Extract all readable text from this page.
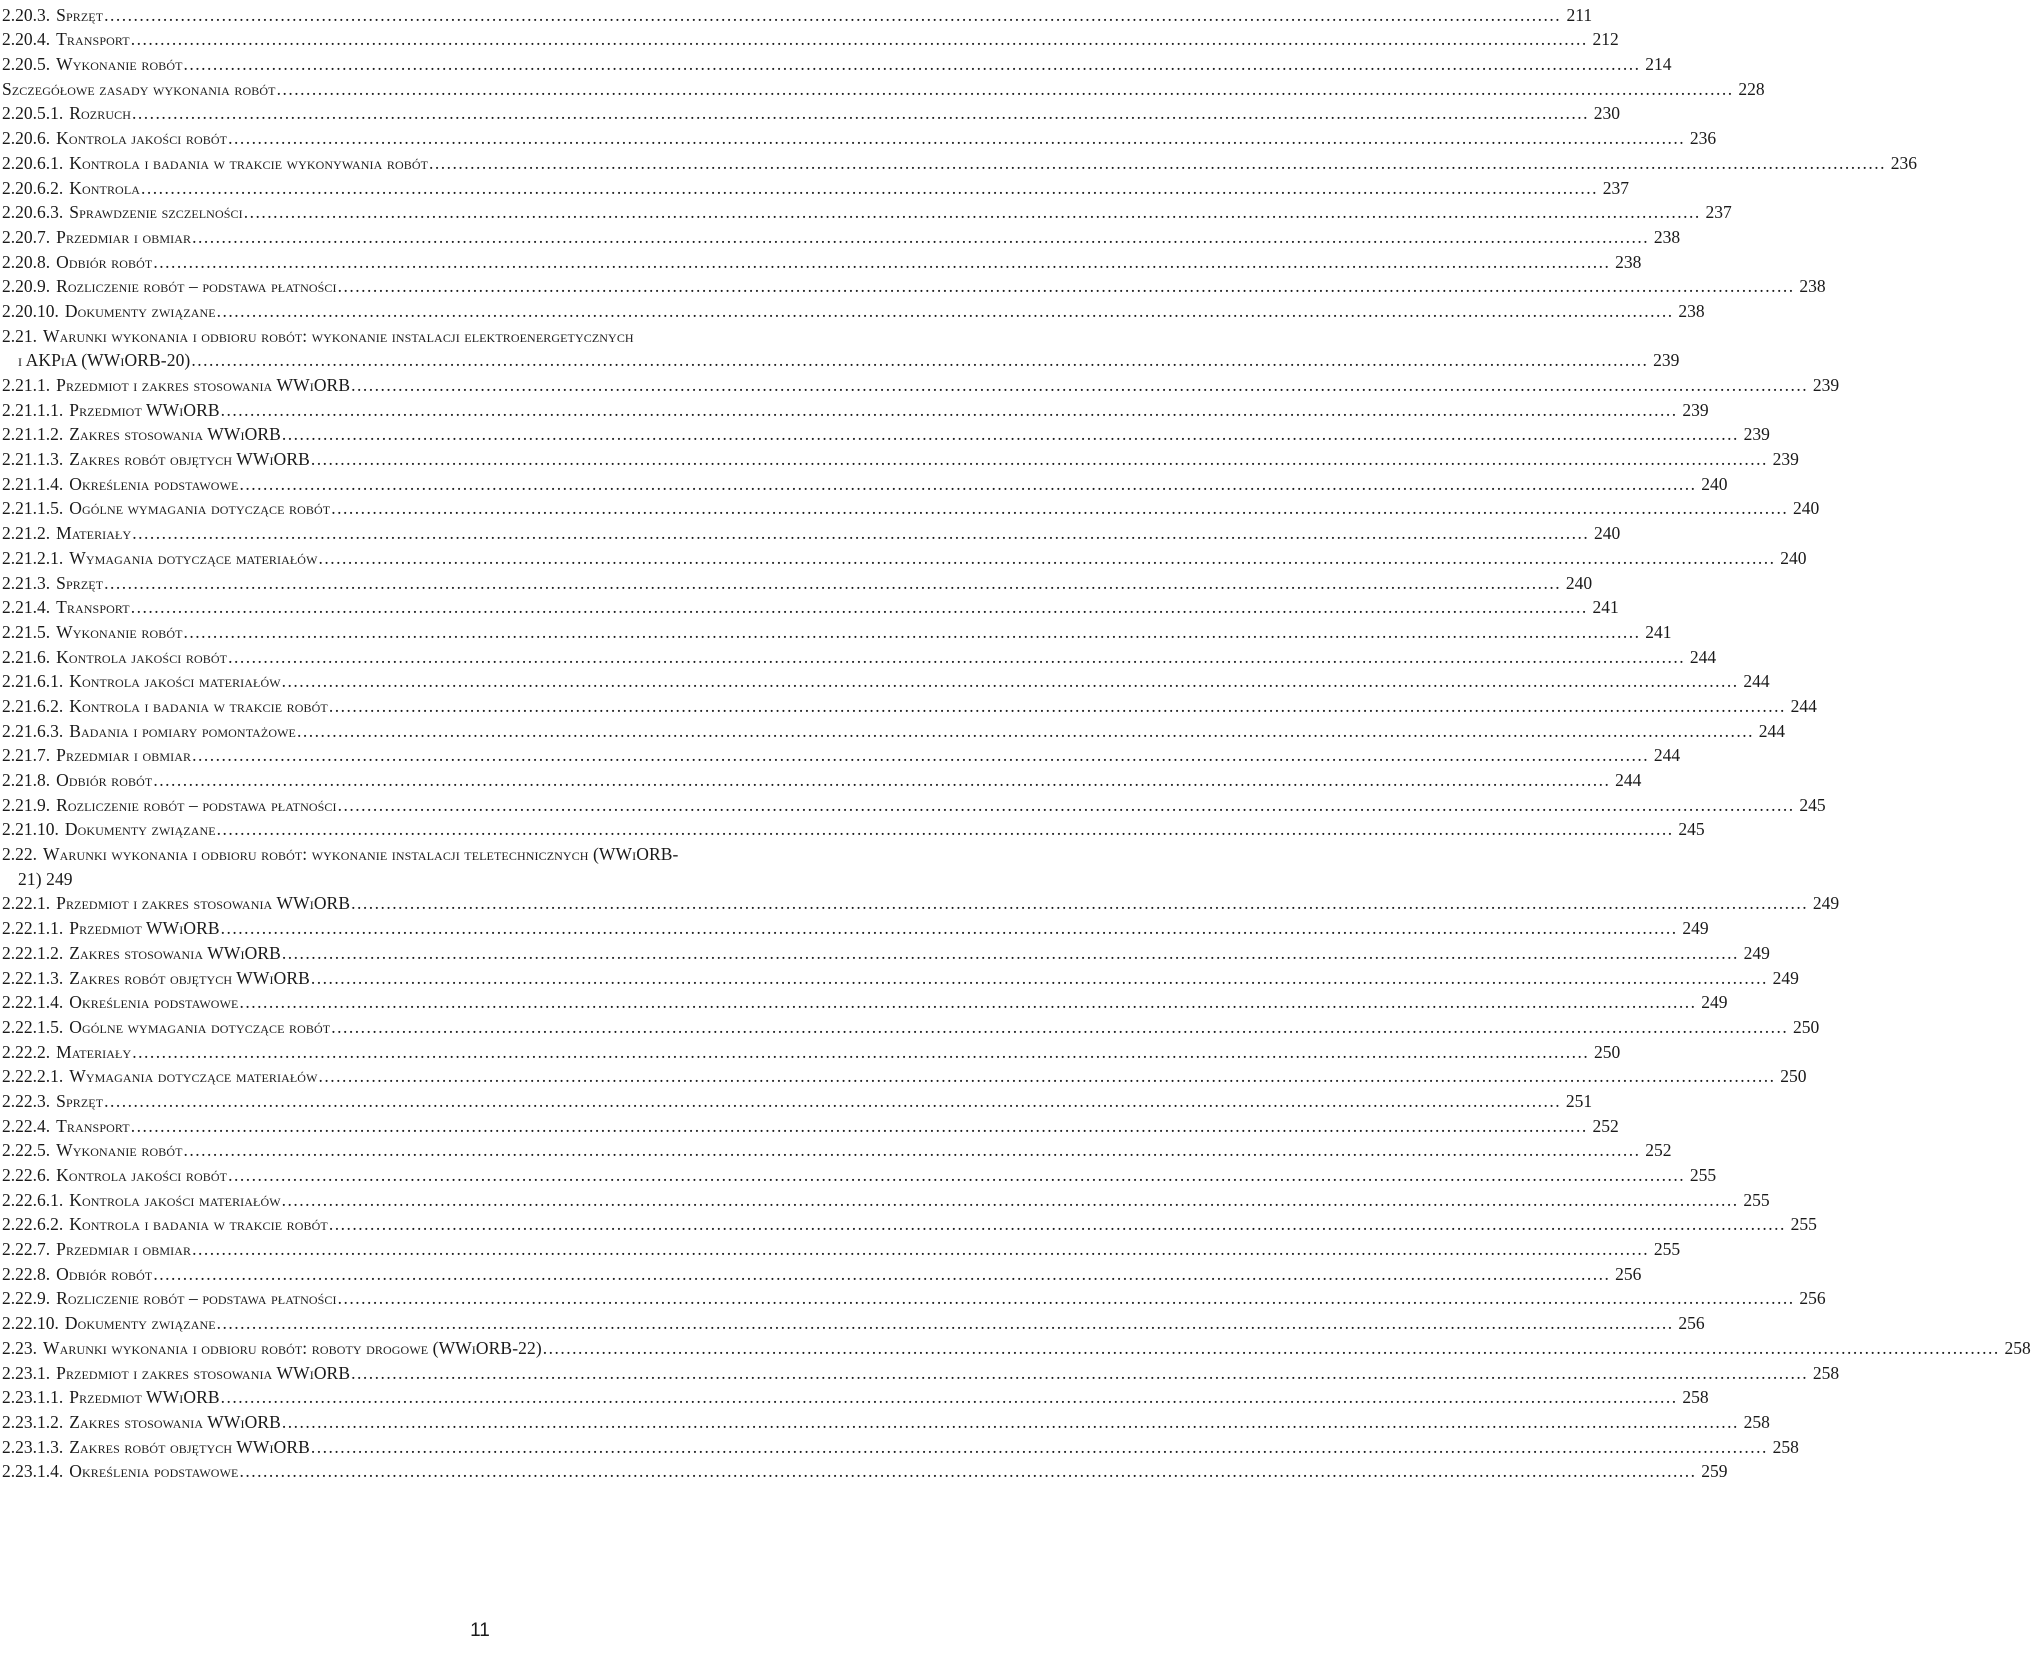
2.20.3. Sprzęt ........................................................................................................................................................................................................................................................ 211
2.20.4. Transport ........................................................................................................................................................................................................................................................ 212
2.20.5. Wykonanie robót ........................................................................................................................................................................................................................................................ 214
Szczegółowe zasady wykonania robót ........................................................................................................................................................................................................................................................ 228
2.20.5.1. Rozruch ........................................................................................................................................................................................................................................................ 230
2.20.6. Kontrola jakości robót ........................................................................................................................................................................................................................................................ 236
2.20.6.1. Kontrola i badania w trakcie wykonywania robót ........................................................................................................................................................................................................................................................ 236
2.20.6.2. Kontrola ........................................................................................................................................................................................................................................................ 237
2.20.6.3. Sprawdzenie szczelności ........................................................................................................................................................................................................................................................ 237
2.20.7. Przedmiar i obmiar ........................................................................................................................................................................................................................................................ 238
2.20.8. Odbiór robót ........................................................................................................................................................................................................................................................ 238
2.20.9. Rozliczenie robót – podstawa płatności ........................................................................................................................................................................................................................................................ 238
2.20.10. Dokumenty związane ........................................................................................................................................................................................................................................................ 238
2.21. Warunki wykonania i odbioru robót: wykonanie instalacji elektroenergetycznych
i AKPiA (WWiORB-20) ........................................................................................................................................................................................................................................................ 239
2.21.1. Przedmiot i zakres stosowania WWiORB ........................................................................................................................................................................................................................................................ 239
2.21.1.1. Przedmiot WWiORB ........................................................................................................................................................................................................................................................ 239
2.21.1.2. Zakres stosowania WWiORB ........................................................................................................................................................................................................................................................ 239
2.21.1.3. Zakres robót objętych WWiORB ........................................................................................................................................................................................................................................................ 239
2.21.1.4. Określenia podstawowe ........................................................................................................................................................................................................................................................ 240
2.21.1.5. Ogólne wymagania dotyczące robót ........................................................................................................................................................................................................................................................ 240
2.21.2. Materiały ........................................................................................................................................................................................................................................................ 240
2.21.2.1. Wymagania dotyczące materiałów ........................................................................................................................................................................................................................................................ 240
2.21.3. Sprzęt ........................................................................................................................................................................................................................................................ 240
2.21.4. Transport ........................................................................................................................................................................................................................................................ 241
2.21.5. Wykonanie robót ........................................................................................................................................................................................................................................................ 241
2.21.6. Kontrola jakości robót ........................................................................................................................................................................................................................................................ 244
2.21.6.1. Kontrola jakości materiałów ........................................................................................................................................................................................................................................................ 244
2.21.6.2. Kontrola i badania w trakcie robót ........................................................................................................................................................................................................................................................ 244
2.21.6.3. Badania i pomiary pomontażowe ........................................................................................................................................................................................................................................................ 244
2.21.7. Przedmiar i obmiar ........................................................................................................................................................................................................................................................ 244
2.21.8. Odbiór robót ........................................................................................................................................................................................................................................................ 244
2.21.9. Rozliczenie robót – podstawa płatności ........................................................................................................................................................................................................................................................ 245
2.21.10. Dokumenty związane ........................................................................................................................................................................................................................................................ 245
2.22. Warunki wykonania i odbioru robót: wykonanie instalacji teletechnicznych (WWiORB-
21) 249
2.22.1. Przedmiot i zakres stosowania WWiORB ........................................................................................................................................................................................................................................................ 249
2.22.1.1. Przedmiot WWiORB ........................................................................................................................................................................................................................................................ 249
2.22.1.2. Zakres stosowania WWiORB ........................................................................................................................................................................................................................................................ 249
2.22.1.3. Zakres robót objętych WWiORB ........................................................................................................................................................................................................................................................ 249
2.22.1.4. Określenia podstawowe ........................................................................................................................................................................................................................................................ 249
2.22.1.5. Ogólne wymagania dotyczące robót ........................................................................................................................................................................................................................................................ 250
2.22.2. Materiały ........................................................................................................................................................................................................................................................ 250
2.22.2.1. Wymagania dotyczące materiałów ........................................................................................................................................................................................................................................................ 250
2.22.3. Sprzęt ........................................................................................................................................................................................................................................................ 251
2.22.4. Transport ........................................................................................................................................................................................................................................................ 252
2.22.5. Wykonanie robót ........................................................................................................................................................................................................................................................ 252
2.22.6. Kontrola jakości robót ........................................................................................................................................................................................................................................................ 255
2.22.6.1. Kontrola jakości materiałów ........................................................................................................................................................................................................................................................ 255
2.22.6.2. Kontrola i badania w trakcie robót ........................................................................................................................................................................................................................................................ 255
2.22.7. Przedmiar i obmiar ........................................................................................................................................................................................................................................................ 255
2.22.8. Odbiór robót ........................................................................................................................................................................................................................................................ 256
2.22.9. Rozliczenie robót – podstawa płatności ........................................................................................................................................................................................................................................................ 256
2.22.10. Dokumenty związane ........................................................................................................................................................................................................................................................ 256
2.23. Warunki wykonania i odbioru robót: roboty drogowe (WWiORB-22) ........................................................................................................................................................................................................................................................ 258
2.23.1. Przedmiot i zakres stosowania WWiORB ........................................................................................................................................................................................................................................................ 258
2.23.1.1. Przedmiot WWiORB ........................................................................................................................................................................................................................................................ 258
2.23.1.2. Zakres stosowania WWiORB ........................................................................................................................................................................................................................................................ 258
2.23.1.3. Zakres robót objętych WWiORB ........................................................................................................................................................................................................................................................ 258
2.23.1.4. Określenia podstawowe ........................................................................................................................................................................................................................................................ 259
11
